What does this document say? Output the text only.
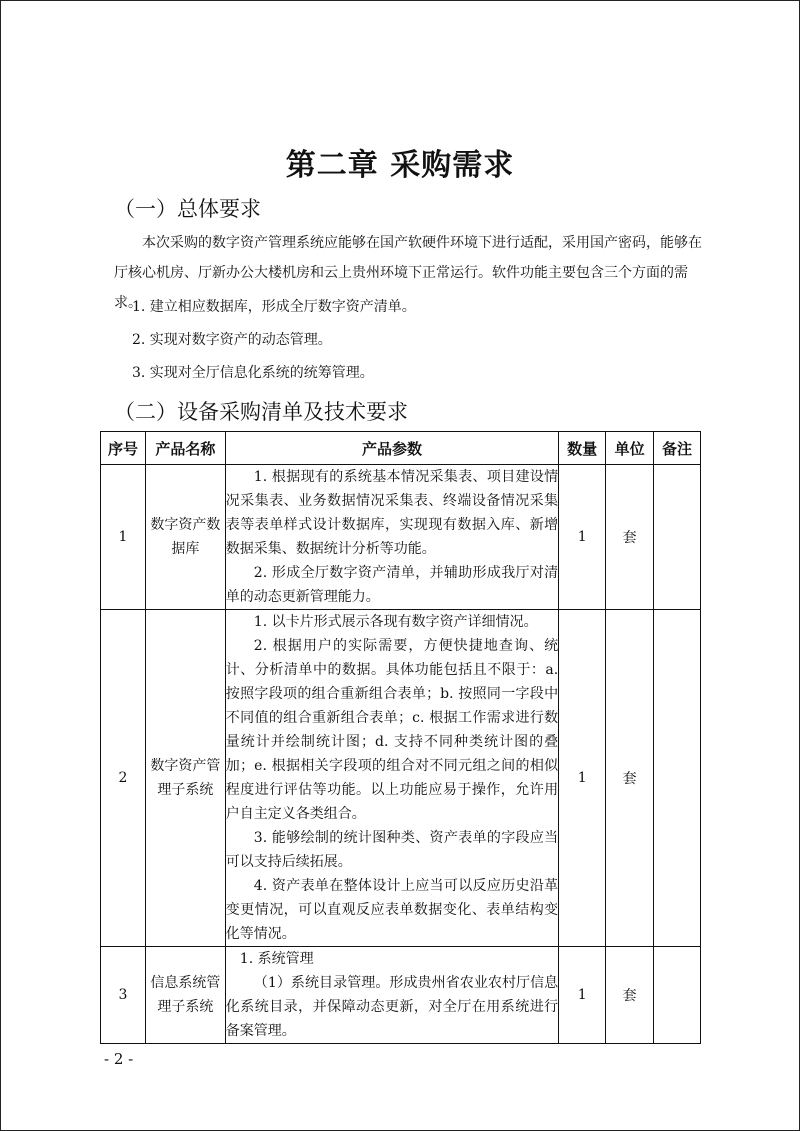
第二章 采购需求
（一）总体要求
本次采购的数字资产管理系统应能够在国产软硬件环境下进行适配，采用国产密码，能够在厅核心机房、厅新办公大楼机房和云上贵州环境下正常运行。软件功能主要包含三个方面的需求。
1. 建立相应数据库，形成全厅数字资产清单。
2. 实现对数字资产的动态管理。
3. 实现对全厅信息化系统的统筹管理。
（二）设备采购清单及技术要求
序号	产品名称	产品参数	数量	单位	备注
1	数字资产数据库	1. 根据现有的系统基本情况采集表、项目建设情况采集表、业务数据情况采集表、终端设备情况采集表等表单样式设计数据库，实现现有数据入库、新增数据采集、数据统计分析等功能。

2. 形成全厅数字资产清单，并辅助形成我厅对清单的动态更新管理能力。	1	套	
2	数字资产管理子系统	1. 以卡片形式展示各现有数字资产详细情况。

2. 根据用户的实际需要，方便快捷地查询、统计、分析清单中的数据。具体功能包括且不限于：a. 按照字段项的组合重新组合表单；b. 按照同一字段中不同值的组合重新组合表单；c. 根据工作需求进行数量统计并绘制统计图；d. 支持不同种类统计图的叠加；e. 根据相关字段项的组合对不同元组之间的相似程度进行评估等功能。以上功能应易于操作，允许用户自主定义各类组合。

3. 能够绘制的统计图种类、资产表单的字段应当可以支持后续拓展。

4. 资产表单在整体设计上应当可以反应历史沿革变更情况，可以直观反应表单数据变化、表单结构变化等情况。	1	套	
3	信息系统管理子系统	1. 系统管理

（1）系统目录管理。形成贵州省农业农村厅信息化系统目录，并保障动态更新，对全厅在用系统进行备案管理。	1	套	
- 2 -
